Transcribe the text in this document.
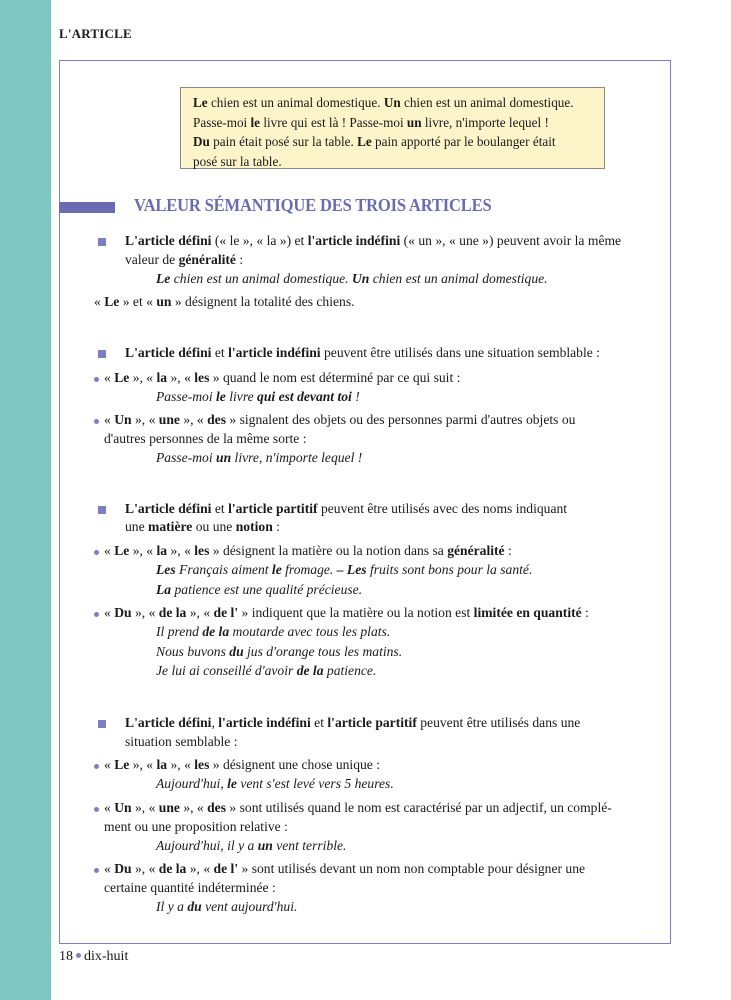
L'ARTICLE
Le chien est un animal domestique. Un chien est un animal domestique.
Passe-moi le livre qui est là ! Passe-moi un livre, n'importe lequel !
Du pain était posé sur la table. Le pain apporté par le boulanger était
posé sur la table.
VALEUR SÉMANTIQUE DES TROIS ARTICLES
L'article défini (« le », « la ») et l'article indéfini (« un », « une ») peuvent avoir la même
valeur de généralité :
Le chien est un animal domestique. Un chien est un animal domestique.
« Le » et « un » désignent la totalité des chiens.
L'article défini et l'article indéfini peuvent être utilisés dans une situation semblable :
« Le », « la », « les » quand le nom est déterminé par ce qui suit :
Passe-moi le livre qui est devant toi !
« Un », « une », « des » signalent des objets ou des personnes parmi d'autres objets ou
d'autres personnes de la même sorte :
Passe-moi un livre, n'importe lequel !
L'article défini et l'article partitif peuvent être utilisés avec des noms indiquant
une matière ou une notion :
« Le », « la », « les » désignent la matière ou la notion dans sa généralité :
Les Français aiment le fromage. – Les fruits sont bons pour la santé.
La patience est une qualité précieuse.
« Du », « de la », « de l' » indiquent que la matière ou la notion est limitée en quantité :
Il prend de la moutarde avec tous les plats.
Nous buvons du jus d'orange tous les matins.
Je lui ai conseillé d'avoir de la patience.
L'article défini, l'article indéfini et l'article partitif peuvent être utilisés dans une
situation semblable :
« Le », « la », « les » désignent une chose unique :
Aujourd'hui, le vent s'est levé vers 5 heures.
« Un », « une », « des » sont utilisés quand le nom est caractérisé par un adjectif, un complé-
ment ou une proposition relative :
Aujourd'hui, il y a un vent terrible.
« Du », « de la », « de l' » sont utilisés devant un nom non comptable pour désigner une
certaine quantité indéterminée :
Il y a du vent aujourd'hui.
18 dix-huit
